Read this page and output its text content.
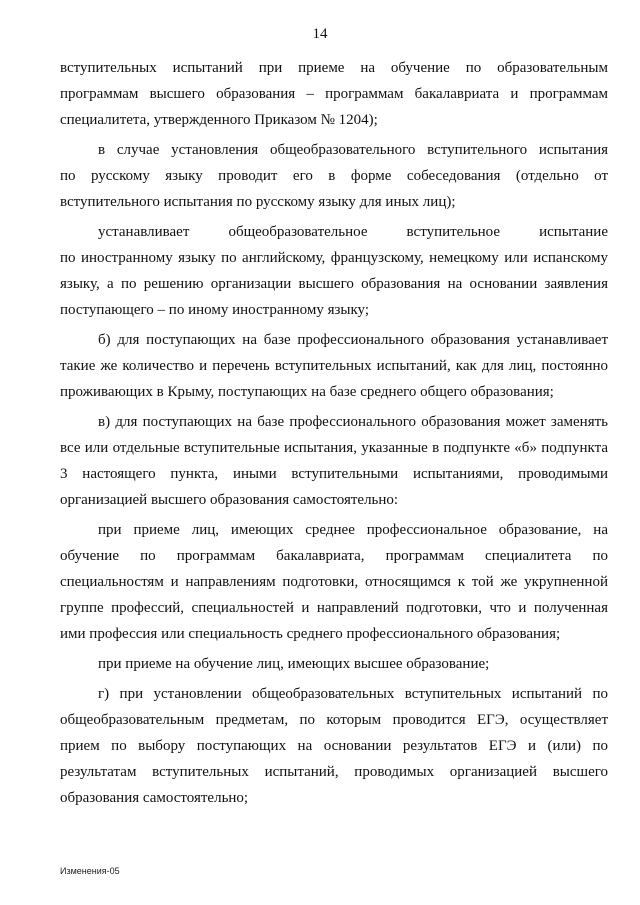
14
вступительных испытаний при приеме на обучение по образовательным
программам высшего образования – программам бакалавриата и программам
специалитета, утвержденного Приказом № 1204);
в случае установления общеобразовательного вступительного испытания
по русскому языку проводит его в форме собеседования (отдельно от
вступительного испытания по русскому языку для иных лиц);
устанавливает общеобразовательное вступительное испытание
по иностранному языку по английскому, французскому, немецкому или испанскому
языку, а по решению организации высшего образования на основании заявления
поступающего – по иному иностранному языку;
б) для поступающих на базе профессионального образования устанавливает
такие же количество и перечень вступительных испытаний, как для лиц, постоянно
проживающих в Крыму, поступающих на базе среднего общего образования;
в) для поступающих на базе профессионального образования может заменять
все или отдельные вступительные испытания, указанные в подпункте «б» подпункта
3 настоящего пункта, иными вступительными испытаниями, проводимыми
организацией высшего образования самостоятельно:
при приеме лиц, имеющих среднее профессиональное образование, на
обучение по программам бакалавриата, программам специалитета по
специальностям и направлениям подготовки, относящимся к той же укрупненной
группе профессий, специальностей и направлений подготовки, что и полученная
ими профессия или специальность среднего профессионального образования;
при приеме на обучение лиц, имеющих высшее образование;
г) при установлении общеобразовательных вступительных испытаний по
общеобразовательным предметам, по которым проводится ЕГЭ, осуществляет
прием по выбору поступающих на основании результатов ЕГЭ и (или) по
результатам вступительных испытаний, проводимых организацией высшего
образования самостоятельно;
Изменения-05
